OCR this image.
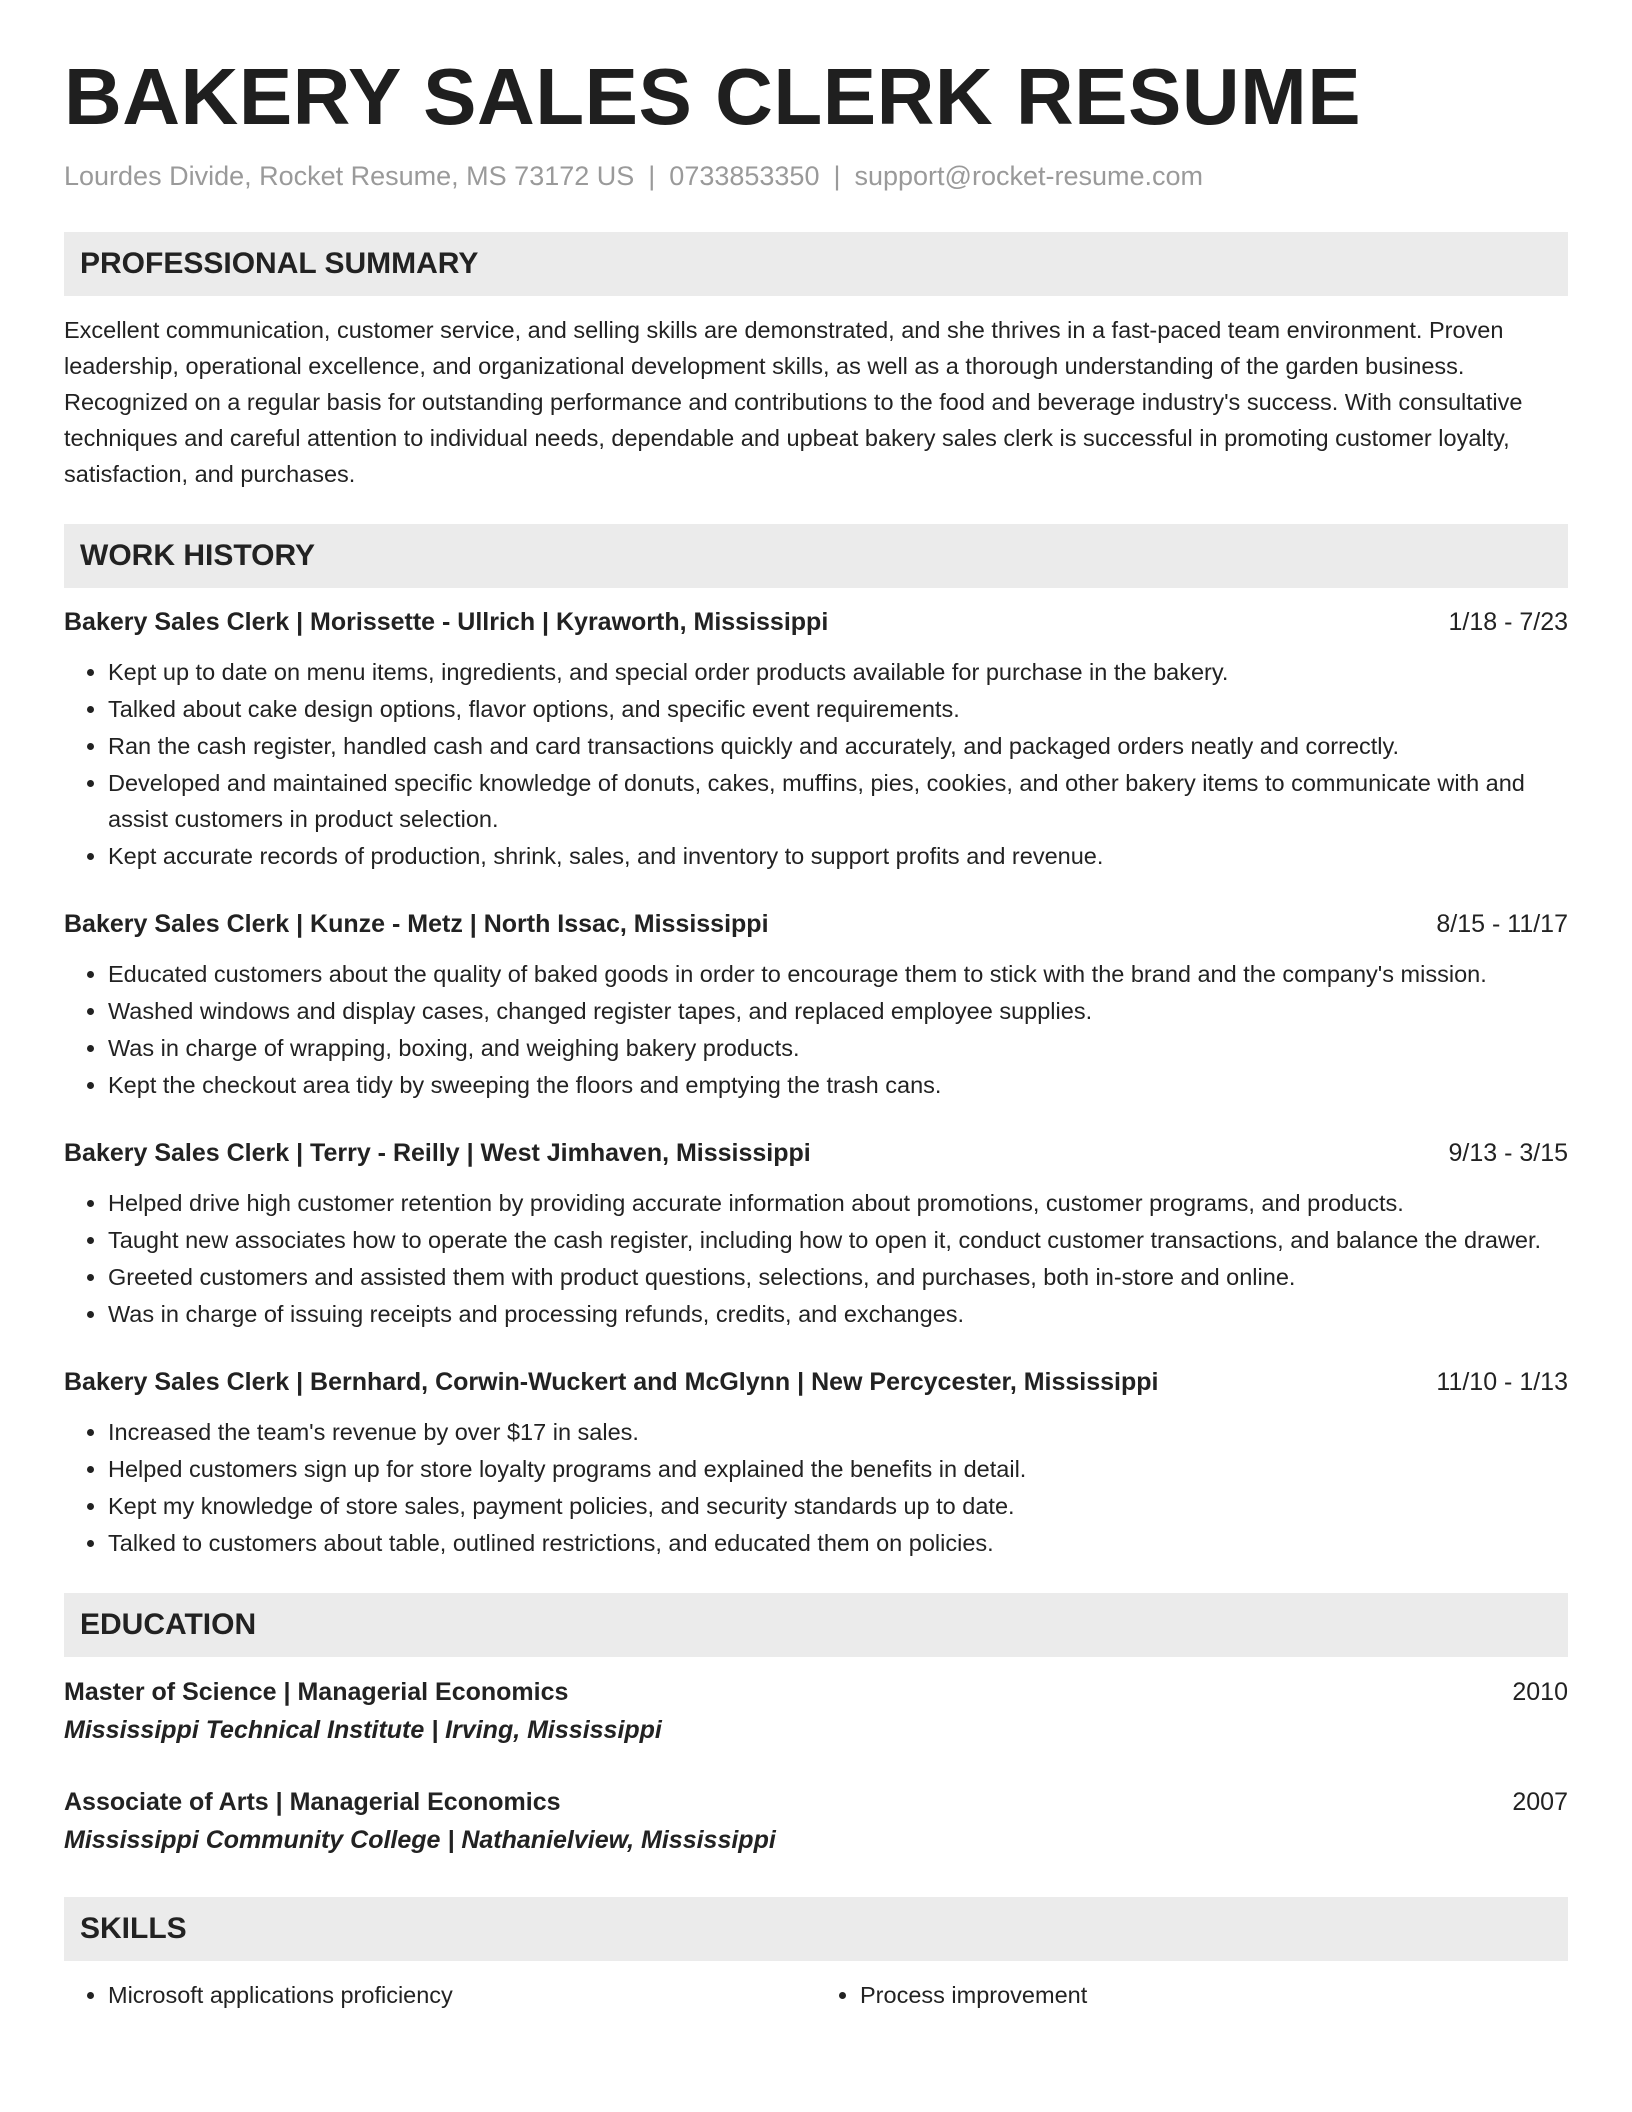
BAKERY SALES CLERK RESUME
Lourdes Divide, Rocket Resume, MS 73172 US | 0733853350 | support@rocket-resume.com
PROFESSIONAL SUMMARY
Excellent communication, customer service, and selling skills are demonstrated, and she thrives in a fast-paced team environment. Proven leadership, operational excellence, and organizational development skills, as well as a thorough understanding of the garden business. Recognized on a regular basis for outstanding performance and contributions to the food and beverage industry's success. With consultative techniques and careful attention to individual needs, dependable and upbeat bakery sales clerk is successful in promoting customer loyalty, satisfaction, and purchases.
WORK HISTORY
Bakery Sales Clerk | Morissette - Ullrich | Kyraworth, Mississippi	1/18 - 7/23
• Kept up to date on menu items, ingredients, and special order products available for purchase in the bakery.
• Talked about cake design options, flavor options, and specific event requirements.
• Ran the cash register, handled cash and card transactions quickly and accurately, and packaged orders neatly and correctly.
• Developed and maintained specific knowledge of donuts, cakes, muffins, pies, cookies, and other bakery items to communicate with and assist customers in product selection.
• Kept accurate records of production, shrink, sales, and inventory to support profits and revenue.
Bakery Sales Clerk | Kunze - Metz | North Issac, Mississippi	8/15 - 11/17
• Educated customers about the quality of baked goods in order to encourage them to stick with the brand and the company's mission.
• Washed windows and display cases, changed register tapes, and replaced employee supplies.
• Was in charge of wrapping, boxing, and weighing bakery products.
• Kept the checkout area tidy by sweeping the floors and emptying the trash cans.
Bakery Sales Clerk | Terry - Reilly | West Jimhaven, Mississippi	9/13 - 3/15
• Helped drive high customer retention by providing accurate information about promotions, customer programs, and products.
• Taught new associates how to operate the cash register, including how to open it, conduct customer transactions, and balance the drawer.
• Greeted customers and assisted them with product questions, selections, and purchases, both in-store and online.
• Was in charge of issuing receipts and processing refunds, credits, and exchanges.
Bakery Sales Clerk | Bernhard, Corwin-Wuckert and McGlynn | New Percycester, Mississippi	11/10 - 1/13
• Increased the team's revenue by over $17 in sales.
• Helped customers sign up for store loyalty programs and explained the benefits in detail.
• Kept my knowledge of store sales, payment policies, and security standards up to date.
• Talked to customers about table, outlined restrictions, and educated them on policies.
EDUCATION
Master of Science | Managerial Economics	2010
Mississippi Technical Institute | Irving, Mississippi
Associate of Arts | Managerial Economics	2007
Mississippi Community College | Nathanielview, Mississippi
SKILLS
• Microsoft applications proficiency
•	Process improvement
